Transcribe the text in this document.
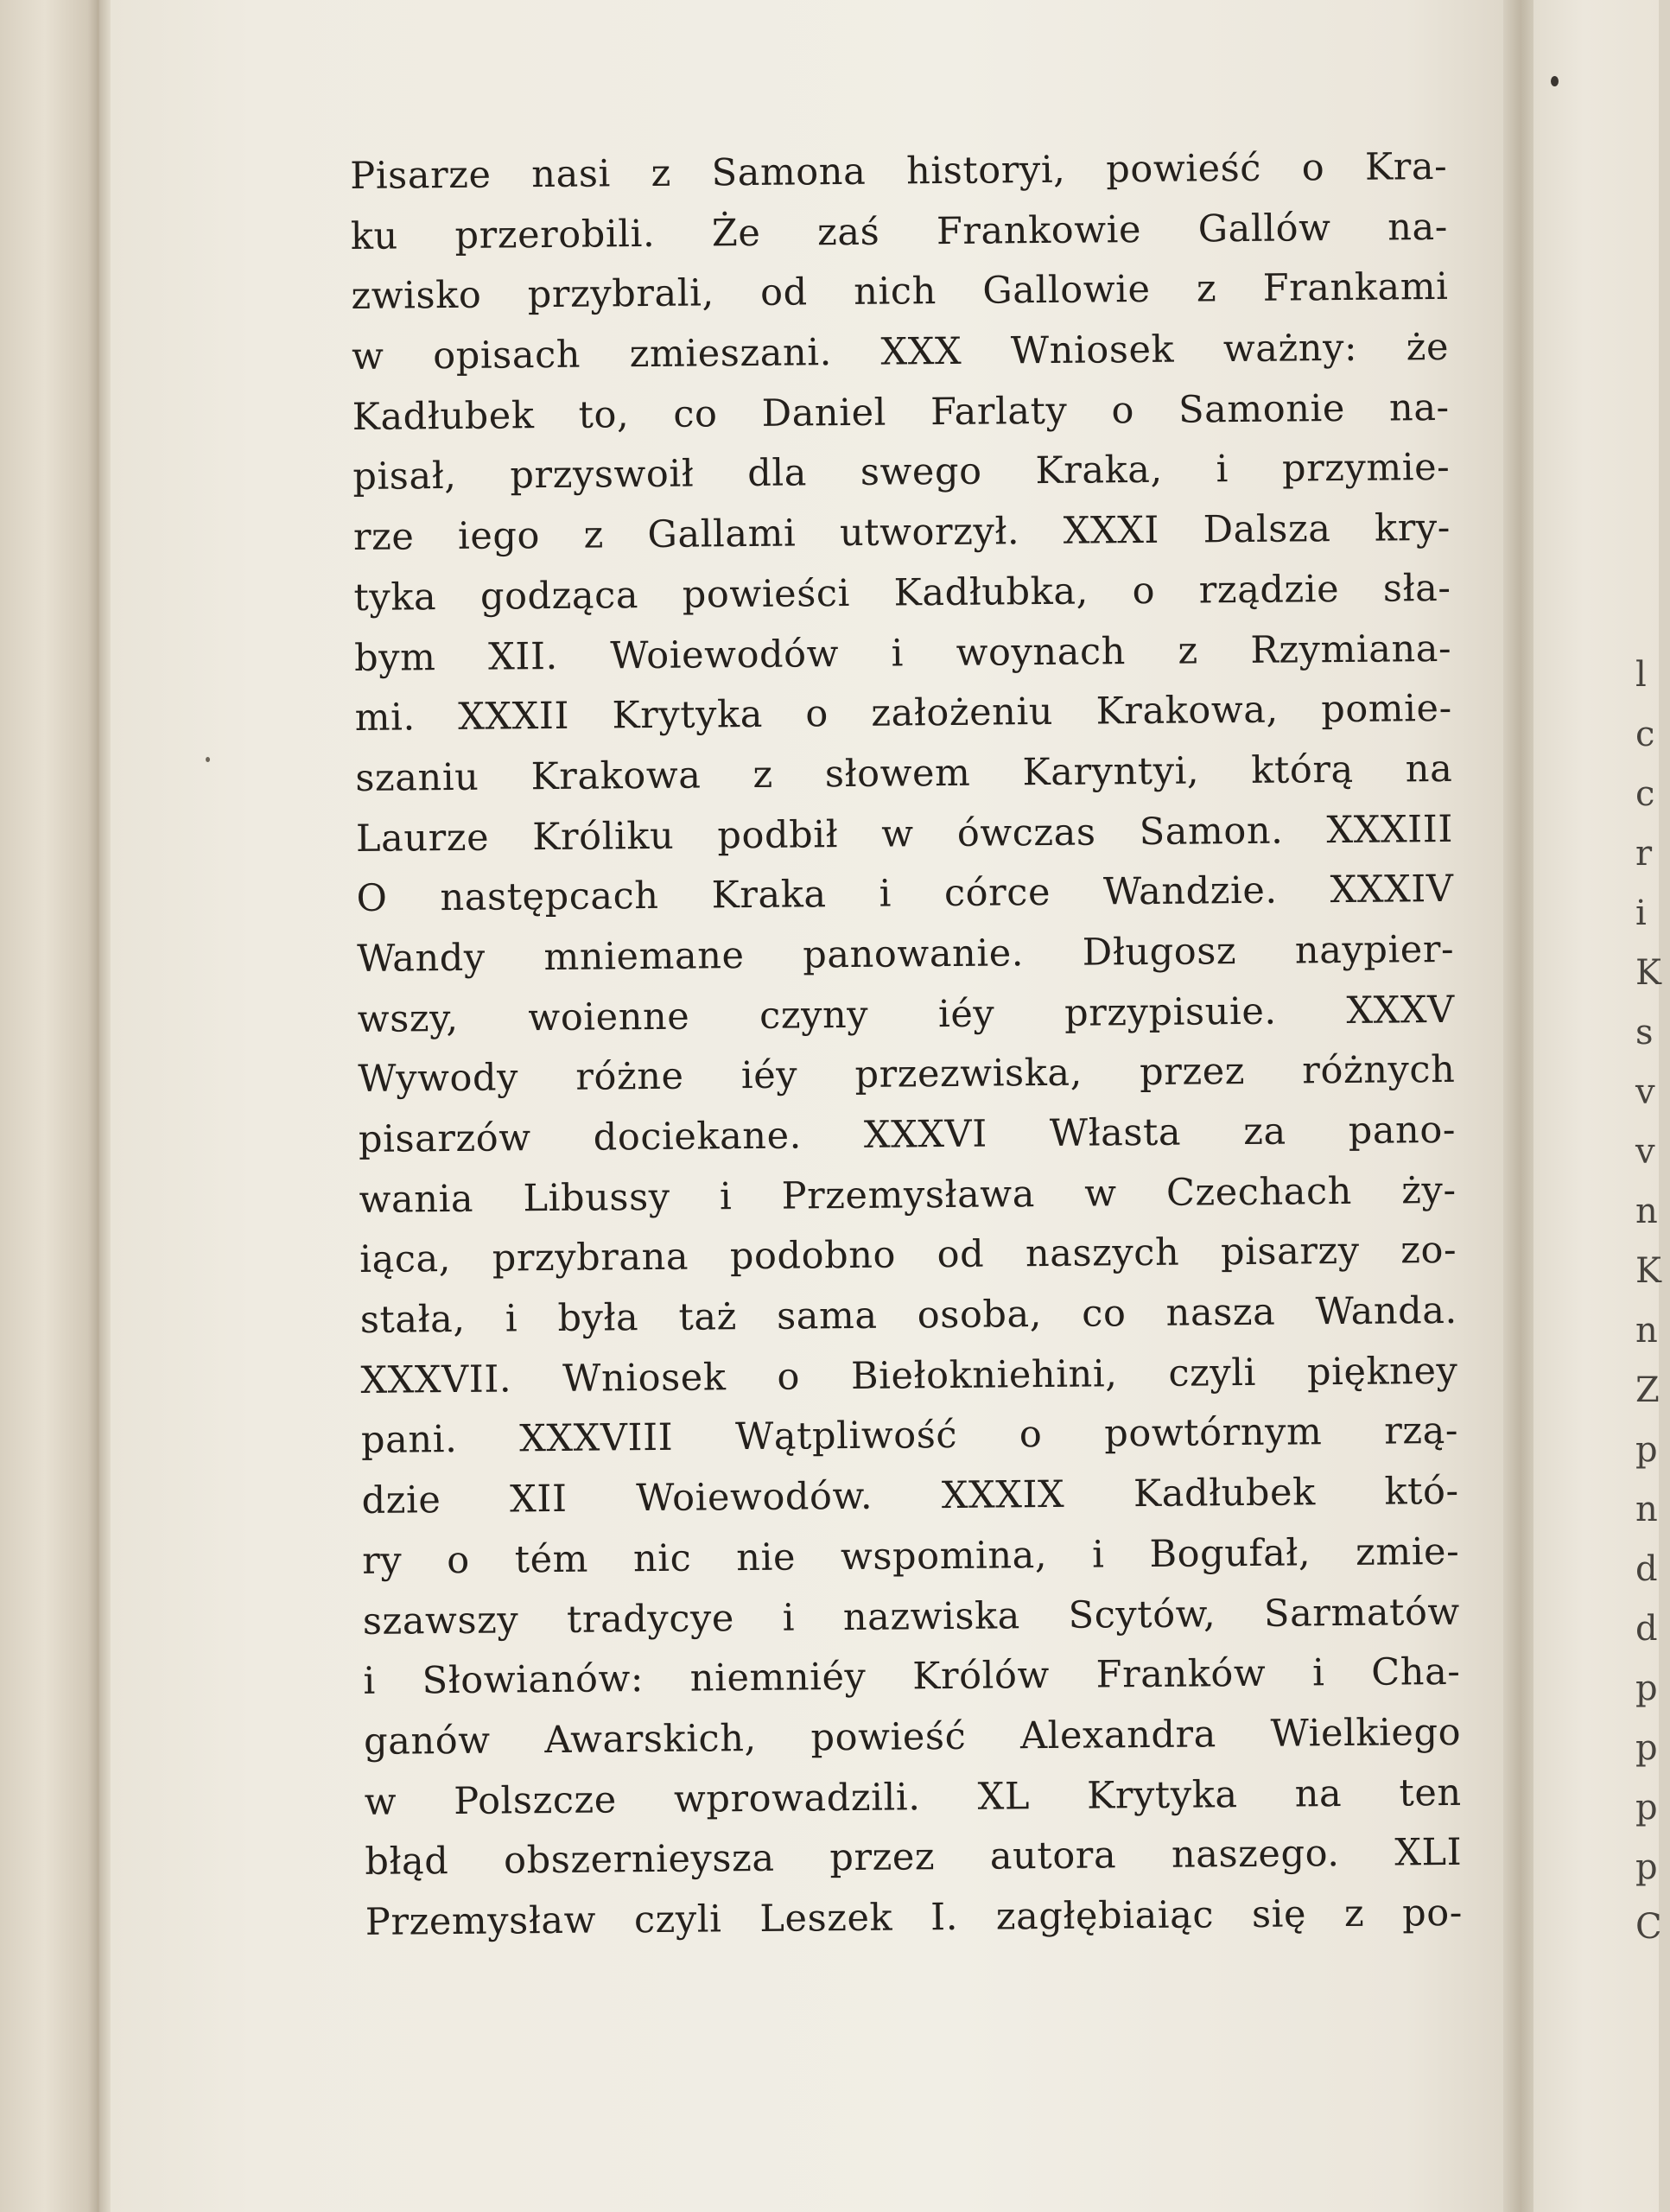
l
c
c
r
i
K
s
v
v
n
K
n
Z
p
n
d
d
p
p
p
p
C
Pisarze nasi z Samona historyi, powieść o Kra-
ku przerobili. Że zaś Frankowie Gallów na-
zwisko przybrali, od nich Gallowie z Frankami
w opisach zmieszani. XXX Wniosek ważny: że
Kadłubek to, co Daniel Farlaty o Samonie na-
pisał, przyswoił dla swego Kraka, i przymie-
rze iego z Gallami utworzył. XXXI Dalsza kry-
tyka godząca powieści Kadłubka, o rządzie sła-
bym XII. Woiewodów i woynach z Rzymiana-
mi. XXXII Krytyka o założeniu Krakowa, pomie-
szaniu Krakowa z słowem Karyntyi, którą na
Laurze Króliku podbił w ówczas Samon. XXXIII
O następcach Kraka i córce Wandzie. XXXIV
Wandy mniemane panowanie. Długosz naypier-
wszy, woienne czyny iéy przypisuie. XXXV
Wywody różne iéy przezwiska, przez różnych
pisarzów dociekane. XXXVI Własta za pano-
wania Libussy i Przemysława w Czechach ży-
iąca, przybrana podobno od naszych pisarzy zo-
stała, i była taż sama osoba, co nasza Wanda.
XXXVII. Wniosek o Biełokniehini, czyli piękney
pani. XXXVIII Wątpliwość o powtórnym rzą-
dzie XII Woiewodów. XXXIX Kadłubek któ-
ry o tém nic nie wspomina, i Bogufał, zmie-
szawszy tradycye i nazwiska Scytów, Sarmatów
i Słowianów: niemniéy Królów Franków i Cha-
ganów Awarskich, powieść Alexandra Wielkiego
w Polszcze wprowadzili. XL Krytyka na ten
błąd obszernieysza przez autora naszego. XLI
Przemysław czyli Leszek I. zagłębiaiąc się z po-
